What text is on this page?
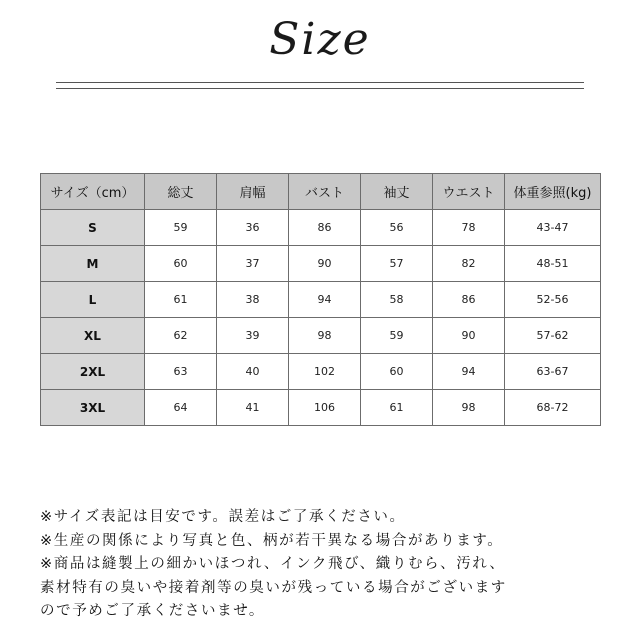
Size
サイズ（cm）	総丈	肩幅	バスト	袖丈	ウエスト	体重参照(kg)
S	59	36	86	56	78	43-47
M	60	37	90	57	82	48-51
L	61	38	94	58	86	52-56
XL	62	39	98	59	90	57-62
2XL	63	40	102	60	94	63-67
3XL	64	41	106	61	98	68-72
※サイズ表記は目安です。誤差はご了承ください。
※生産の関係により写真と色、柄が若干異なる場合があります。
※商品は縫製上の細かいほつれ、インク飛び、織りむら、汚れ、
素材特有の臭いや接着剤等の臭いが残っている場合がございます
ので予めご了承くださいませ。
